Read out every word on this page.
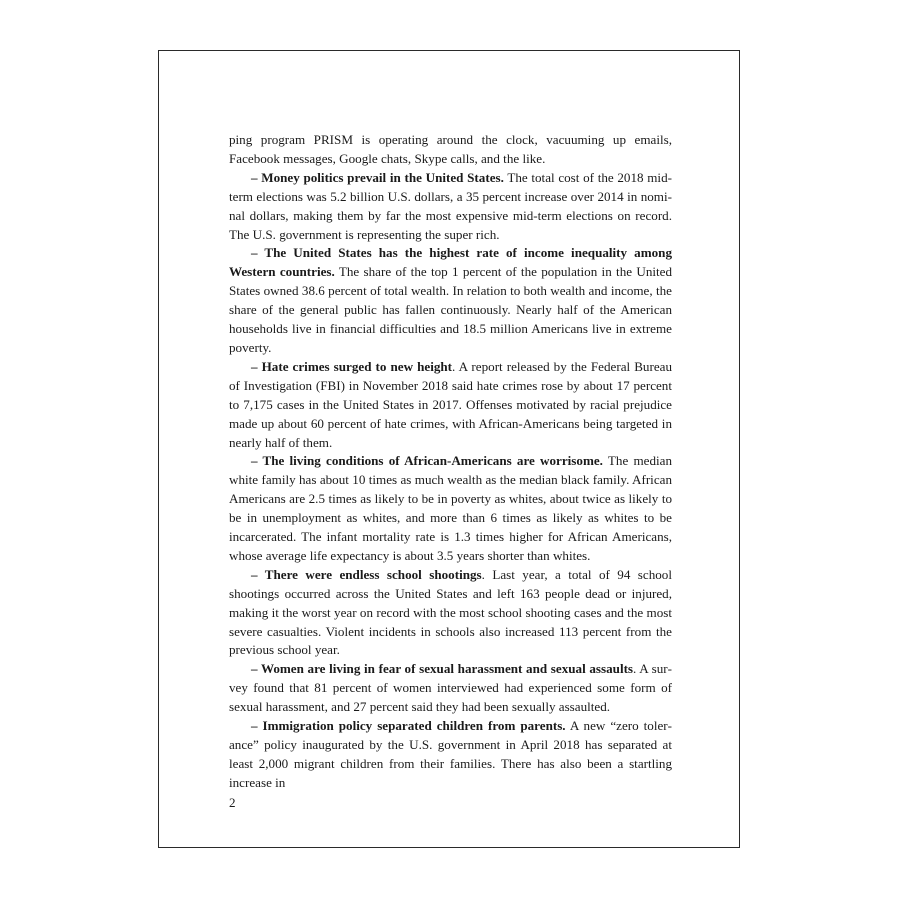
ping program PRISM is operating around the clock, vacuuming up emails, Facebook messages, Google chats, Skype calls, and the like.

– Money politics prevail in the United States. The total cost of the 2018 midterm elections was 5.2 billion U.S. dollars, a 35 percent increase over 2014 in nominal dollars, making them by far the most expensive mid-term elections on record. The U.S. government is representing the super rich.

– The United States has the highest rate of income inequality among Western countries. The share of the top 1 percent of the population in the United States owned 38.6 percent of total wealth. In relation to both wealth and income, the share of the general public has fallen continuously. Nearly half of the American households live in financial difficulties and 18.5 million Americans live in extreme poverty.

– Hate crimes surged to new height. A report released by the Federal Bureau of Investigation (FBI) in November 2018 said hate crimes rose by about 17 percent to 7,175 cases in the United States in 2017. Offenses motivated by racial prejudice made up about 60 percent of hate crimes, with African-Americans being targeted in nearly half of them.

– The living conditions of African-Americans are worrisome. The median white family has about 10 times as much wealth as the median black family. African Americans are 2.5 times as likely to be in poverty as whites, about twice as likely to be in unemployment as whites, and more than 6 times as likely as whites to be incarcerated. The infant mortality rate is 1.3 times higher for African Americans, whose average life expectancy is about 3.5 years shorter than whites.

– There were endless school shootings. Last year, a total of 94 school shootings occurred across the United States and left 163 people dead or injured, making it the worst year on record with the most school shooting cases and the most severe casualties. Violent incidents in schools also increased 113 percent from the previous school year.

– Women are living in fear of sexual harassment and sexual assaults. A survey found that 81 percent of women interviewed had experienced some form of sexual harassment, and 27 percent said they had been sexually assaulted.

– Immigration policy separated children from parents. A new “zero tolerance” policy inaugurated by the U.S. government in April 2018 has separated at least 2,000 migrant children from their families. There has also been a startling increase in

2
